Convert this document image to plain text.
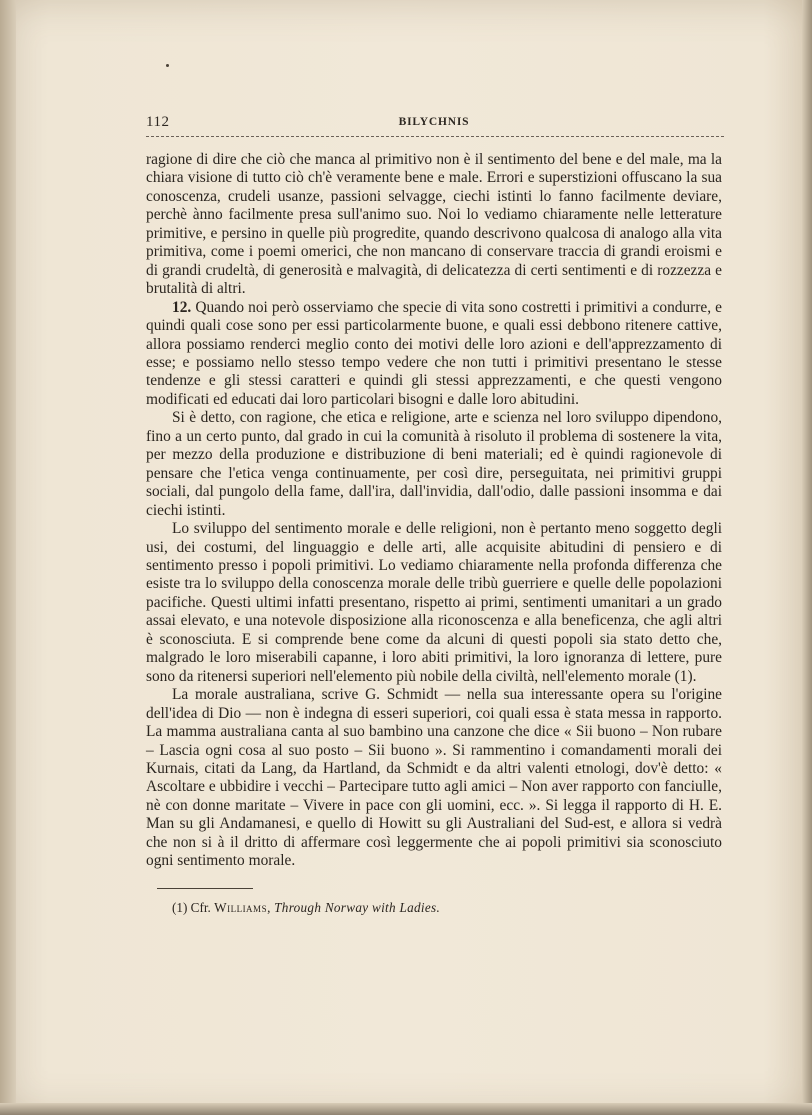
112	BILYCHNIS

ragione di dire che ciò che manca al primitivo non è il sentimento del bene e del male, ma la chiara visione di tutto ciò ch'è veramente bene e male. Errori e superstizioni offuscano la sua conoscenza, crudeli usanze, passioni selvagge, ciechi istinti lo fanno facilmente deviare, perchè ànno facilmente presa sull'animo suo. Noi lo vediamo chiaramente nelle letterature primitive, e persino in quelle più progredite, quando descrivono qualcosa di analogo alla vita primitiva, come i poemi omerici, che non mancano di conservare traccia di grandi eroismi e di grandi crudeltà, di generosità e malvagità, di delicatezza di certi sentimenti e di rozzezza e brutalità di altri.

12. Quando noi però osserviamo che specie di vita sono costretti i primitivi a condurre, e quindi quali cose sono per essi particolarmente buone, e quali essi debbono ritenere cattive, allora possiamo renderci meglio conto dei motivi delle loro azioni e dell'apprezzamento di esse; e possiamo nello stesso tempo vedere che non tutti i primitivi presentano le stesse tendenze e gli stessi caratteri e quindi gli stessi apprezzamenti, e che questi vengono modificati ed educati dai loro particolari bisogni e dalle loro abitudini.

Si è detto, con ragione, che etica e religione, arte e scienza nel loro sviluppo dipendono, fino a un certo punto, dal grado in cui la comunità à risoluto il problema di sostenere la vita, per mezzo della produzione e distribuzione di beni materiali; ed è quindi ragionevole di pensare che l'etica venga continuamente, per così dire, perseguitata, nei primitivi gruppi sociali, dal pungolo della fame, dall'ira, dall'invidia, dall'odio, dalle passioni insomma e dai ciechi istinti.

Lo sviluppo del sentimento morale e delle religioni, non è pertanto meno soggetto degli usi, dei costumi, del linguaggio e delle arti, alle acquisite abitudini di pensiero e di sentimento presso i popoli primitivi. Lo vediamo chiaramente nella profonda differenza che esiste tra lo sviluppo della conoscenza morale delle tribù guerriere e quelle delle popolazioni pacifiche. Questi ultimi infatti presentano, rispetto ai primi, sentimenti umanitari a un grado assai elevato, e una notevole disposizione alla riconoscenza e alla beneficenza, che agli altri è sconosciuta. E si comprende bene come da alcuni di questi popoli sia stato detto che, malgrado le loro miserabili capanne, i loro abiti primitivi, la loro ignoranza di lettere, pure sono da ritenersi superiori nell'elemento più nobile della civiltà, nell'elemento morale (1).

La morale australiana, scrive G. Schmidt — nella sua interessante opera su l'origine dell'idea di Dio — non è indegna di esseri superiori, coi quali essa è stata messa in rapporto. La mamma australiana canta al suo bambino una canzone che dice « Sii buono – Non rubare – Lascia ogni cosa al suo posto – Sii buono ». Si rammentino i comandamenti morali dei Kurnais, citati da Lang, da Hartland, da Schmidt e da altri valenti etnologi, dov'è detto: « Ascoltare e ubbidire i vecchi – Partecipare tutto agli amici – Non aver rapporto con fanciulle, nè con donne maritate – Vivere in pace con gli uomini, ecc. ». Si legga il rapporto di H. E. Man su gli Andamanesi, e quello di Howitt su gli Australiani del Sud-est, e allora si vedrà che non si à il dritto di affermare così leggermente che ai popoli primitivi sia sconosciuto ogni sentimento morale.

(1) Cfr. Williams, Through Norway with Ladies.
